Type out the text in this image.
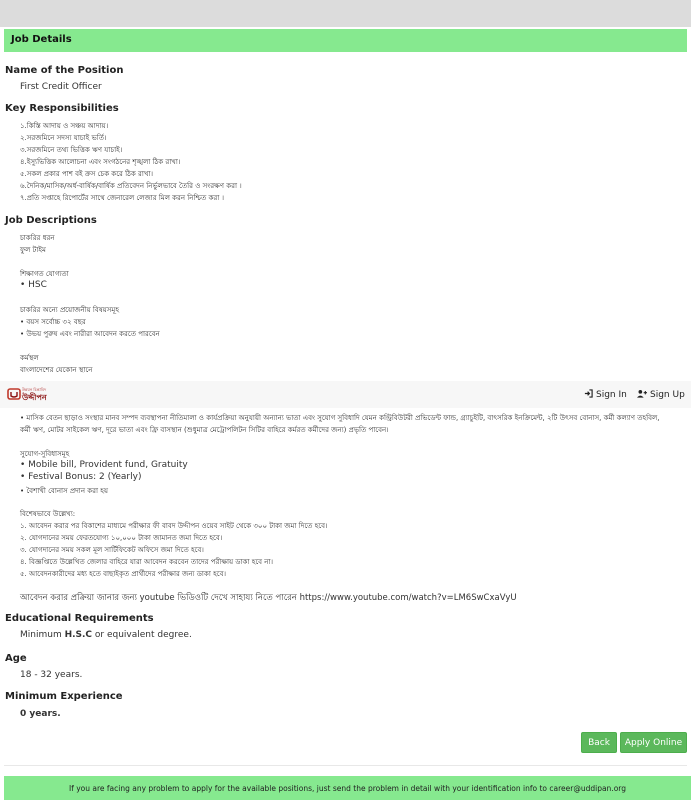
Job Details
Name of the Position
First Credit Officer
Key Responsibilities
১.কিস্তি আদায় ও সঞ্চয় আদায়।
২.সরজমিনে সদস্য যাচাই ভর্তি।
৩.সরজমিনে তথ্য ভিত্তিক ঋণ যাচাই।
৪.ইস্যুভিত্তিক আলোচনা এবং সংগঠনের শৃঙ্খলা ঠিক রাখা।
৫.সকল প্রকার পাশ বই ক্রস চেক করে ঠিক রাখা।
৬.দৈনিক/মাসিক/অর্ধ-বার্ষিক/বার্ষিক প্রতিবেদন নির্ভুলভাবে তৈরি ও সংরক্ষণ করা ।
৭.প্রতি সপ্তাহে রিপোর্টের সাথে জেনারেল লেজার মিল করন নিশ্চিত করা ।
Job Descriptions
চাকরির ধরন
ফুল টাইম
শিক্ষাগত যোগ্যতা
• HSC
চাকরির অন্যে প্রয়োজনীয় বিষয়সমূহ
• বয়স সর্বোচ্চ ৩২ বছর
• উভয় পুরুষ এবং নারীরা আবেদন করতে পারবেন
কর্মস্থল
বাংলাদেশের যেকোন স্থানে
উন্নয়ন চিন্তাবিদ
উদ্দীপন	Sign In	Sign Up
• মাসিক বেতন ছাড়াও সংস্থার মানব সম্পদ ব্যবস্থাপনা নীতিমালা ও কার্যপ্রক্রিয়া অনুযায়ী অন্যান্য ভাতা এবং সুযোগ সুবিধাদি যেমন কন্ট্রিবিউটরী প্রভিডেন্ট ফান্ড, গ্র্যাচুইটি, বাৎসরিক ইনক্রিমেন্ট, ২টি উৎসব বোনাস, কর্মী কল্যাণ তহবিল,
কর্মী ঋণ, মোটর সাইকেল ঋণ, দূরে ভাতা এবং ফ্রি বাসস্থান (শুধুমাত্র মেট্রোপলিটন সিটির বাহিরে কর্মরত কর্মীদের জন্য) প্রভৃতি পাবেন।
সুযোগ-সুবিধাসমূহ
• Mobile bill, Provident fund, Gratuity
• Festival Bonus: 2 (Yearly)
• বৈশাখী বোনাস প্রদান করা হয়
বিশেষভাবে উল্লেখ্য:
১. আবেদন করার পর বিকাশের মাধ্যমে পরীক্ষার ফী বাবদ উদ্দীপন ওয়েব সাইট থেকে ৩০০ টাকা জমা দিতে হবে।
২. যোগদানের সময় ফেরতযোগ্য ১০,০০০ টাকা জামানত জমা দিতে হবে।
৩. যোগদানের সময় সকল মূল সার্টিফিকেট অফিসে জমা দিতে হবে।
৪. বিজ্ঞপ্তিতে উল্লেখিত জেলার বাহিরে যারা আবেদন করবেন তাদের পরীক্ষায় ডাকা হবে না।
৫. আবেদনকারীদের মধ্য হতে বাছাইকৃত প্রার্থীদের পরীক্ষার জন্য ডাকা হবে।
আবেদন করার প্রক্রিয়া জানার জন্য youtube ভিডিওটি দেখে সাহায্য নিতে পারেন https://www.youtube.com/watch?v=LM6SwCxaVyU
Educational Requirements
Minimum H.S.C or equivalent degree.
Age
18 - 32 years.
Minimum Experience
0 years.
Back	Apply Online
If you are facing any problem to apply for the available positions, just send the problem in detail with your identification info to career@uddipan.org
